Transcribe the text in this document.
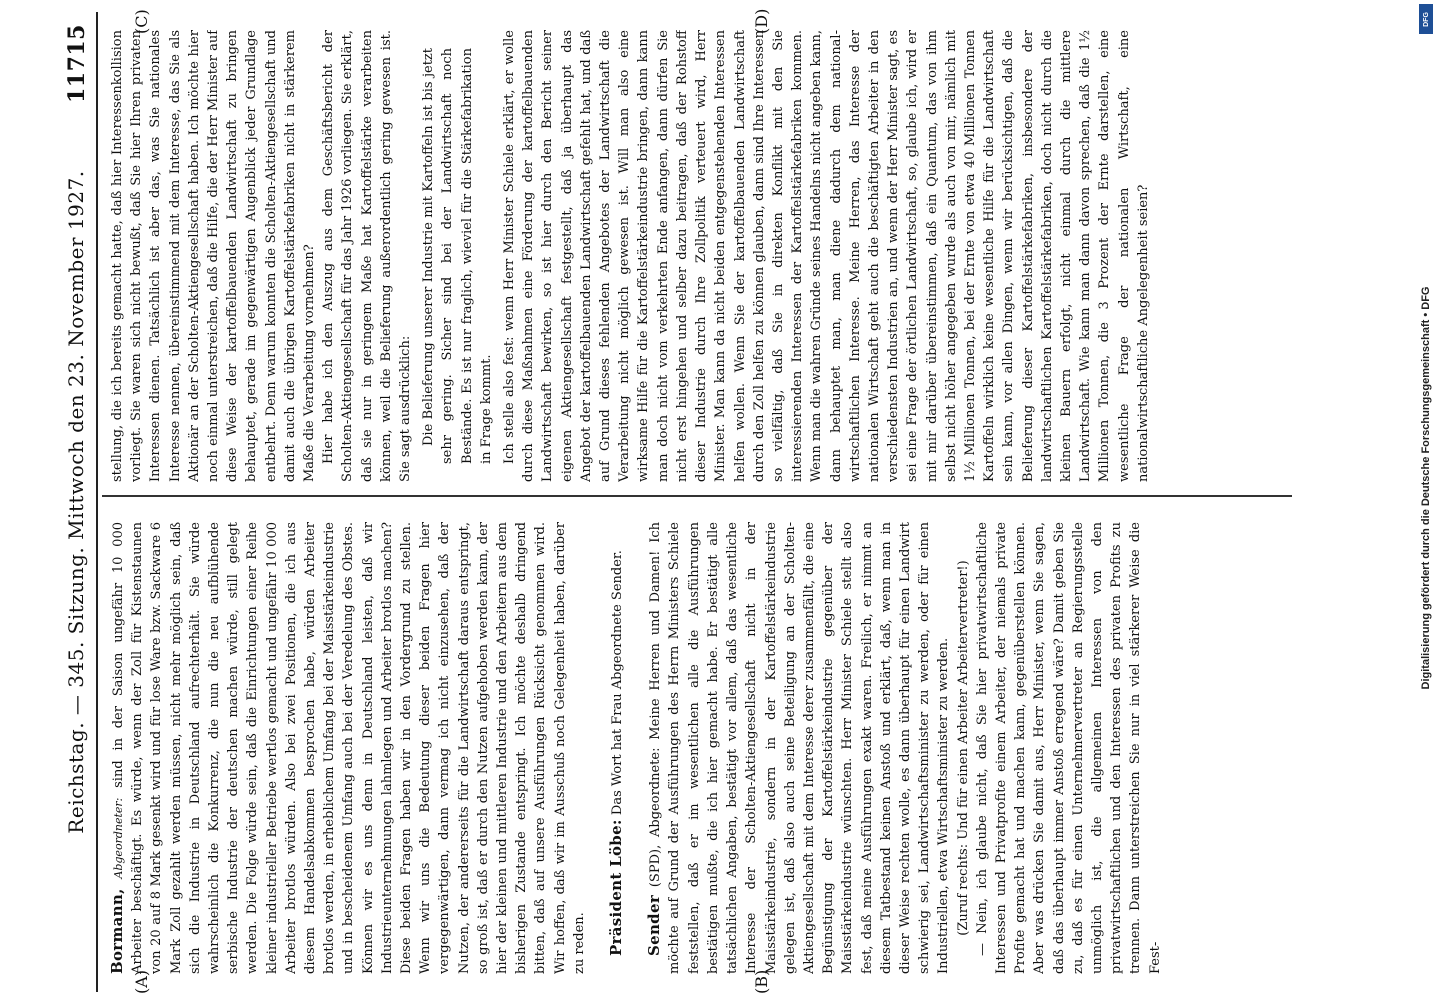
Reichstag. — 345. Sitzung. Mittwoch den 23. November 1927.
11715
(A)	(B)
(C)	(D)

Bormann, Abgeordneter: sind in der Saison ungefähr 10 000 Arbeiter beschäftigt. Es würde, wenn der Zoll für Kistenstaunen von 20 auf 8 Mark gesenkt wird und für lose Ware bzw. Sackware 6 Mark Zoll gezahlt werden müssen, nicht mehr möglich sein, daß sich die Industrie in Deutschland aufrechterhält. Sie würde wahrscheinlich die Konkurrenz, die nun die neu aufblühende serbische Industrie der deutschen machen würde, still gelegt werden. Die Folge würde sein, daß die Einrichtungen einer Reihe kleiner industrieller Betriebe wertlos gemacht und ungefähr 10 000 Arbeiter brotlos würden. Also bei zwei Positionen, die ich aus diesem Handelsabkommen besprochen habe, würden Arbeiter brotlos werden, in erheblichem Umfang bei der Maisstärkeindustrie und in bescheidenem Umfang auch bei der Veredelung des Obstes. Können wir es uns denn in Deutschland leisten, daß wir Industrieunternehmungen lahmlegen und Arbeiter brotlos machen? Diese beiden Fragen haben wir in den Vordergrund zu stellen. Wenn wir uns die Bedeutung dieser beiden Fragen hier vergegenwärtigen, dann vermag ich nicht einzusehen, daß der Nutzen, der andererseits für die Landwirtschaft daraus entspringt, so groß ist, daß er durch den Nutzen aufgehoben werden kann, der hier der kleinen und mittleren Industrie und den Arbeitern aus dem bisherigen Zustande entspringt. Ich möchte deshalb dringend bitten, daß auf unsere Ausführungen Rücksicht genommen wird. Wir hoffen, daß wir im Ausschuß noch Gelegenheit haben, darüber zu reden. Präsident Löbe: Das Wort hat Frau Abgeordnete Sender.

Sender (SPD), Abgeordnete: Meine Herren und Damen! Ich möchte auf Grund der Ausführungen des Herrn Ministers Schiele feststellen, daß er im wesentlichen alle die Ausführungen bestätigen mußte, die ich hier gemacht habe. Er bestätigt alle tatsächlichen Angaben, bestätigt vor allem, daß das wesentliche Interesse der Scholten-Aktiengesellschaft nicht in der Maisstärkeindustrie, sondern in der Kartoffelstärkeindustrie gelegen ist, daß also auch seine Beteiligung an der Scholten-Aktiengesellschaft mit dem Interesse derer zusammenfällt, die eine Begünstigung der Kartoffelstärkeindustrie gegenüber der Maisstärkeindustrie wünschten. Herr Minister Schiele stellt also fest, daß meine Ausführungen exakt waren. Freilich, er nimmt an diesem Tatbestand keinen Anstoß und erklärt, daß, wenn man in dieser Weise rechten wolle, es dann überhaupt für einen Landwirt schwierig sei, Landwirtschaftsminister zu werden, oder für einen Industriellen, etwa Wirtschaftsminister zu werden. (Zuruf rechts: Und für einen Arbeiter Arbeitervertreter!) — Nein, ich glaube nicht, daß Sie hier privatwirtschaftliche Interessen und Privatprofite einem Arbeiter, der niemals private Profite gemacht hat und machen kann, gegenüberstellen können. Aber was drücken Sie damit aus, Herr Minister, wenn Sie sagen, daß das überhaupt immer Anstoß erregend wäre? Damit geben Sie zu, daß es für einen Unternehmervertreter an Regierungsstelle unmöglich ist, die allgemeinen Interessen von den privatwirtschaftlichen und den Interessen des privaten Profits zu trennen. Dann unterstreichen Sie nur in viel stärkerer Weise die Fest-

stellung, die ich bereits gemacht hatte, daß hier Interessenkollision vorliegt. Sie waren sich nicht bewußt, daß Sie hier Ihren privaten Interessen dienen. Tatsächlich ist aber das, was Sie nationales Interesse nennen, übereinstimmend mit dem Interesse, das Sie als Aktionär an der Scholten-Aktiengesellschaft haben. Ich möchte hier noch einmal unterstreichen, daß die Hilfe, die der Herr Minister auf diese Weise der kartoffelbauenden Landwirtschaft zu bringen behauptet, gerade im gegenwärtigen Augenblick jeder Grundlage entbehrt. Denn warum konnten die Scholten-Aktiengesellschaft und damit auch die übrigen Kartoffelstärkefabriken nicht in stärkerem Maße die Verarbeitung vornehmen? Hier habe ich den Auszug aus dem Geschäftsbericht der Scholten-Aktiengesellschaft für das Jahr 1926 vorliegen. Sie erklärt, daß sie nur in geringem Maße hat Kartoffelstärke verarbeiten können, weil die Belieferung außerordentlich gering gewesen ist. Sie sagt ausdrücklich: Die Belieferung unserer Industrie mit Kartoffeln ist bis jetzt sehr gering. Sicher sind bei der Landwirtschaft noch Bestände. Es ist nur fraglich, wieviel für die Stärkefabrikation in Frage kommt. Ich stelle also fest: wenn Herr Minister Schiele erklärt, er wolle durch diese Maßnahmen eine Förderung der kartoffelbauenden Landwirtschaft bewirken, so ist hier durch den Bericht seiner eigenen Aktiengesellschaft festgestellt, daß ja überhaupt das Angebot der kartoffelbauenden Landwirtschaft gefehlt hat, und daß auf Grund dieses fehlenden Angebotes der Landwirtschaft die Verarbeitung nicht möglich gewesen ist. Will man also eine wirksame Hilfe für die Kartoffelstärkeindustrie bringen, dann kann man doch nicht vom verkehrten Ende anfangen, dann dürfen Sie nicht erst hingehen und selber dazu beitragen, daß der Rohstoff dieser Industrie durch Ihre Zollpolitik verteuert wird, Herr Minister. Man kann da nicht beiden entgegenstehenden Interessen helfen wollen. Wenn Sie der kartoffelbauenden Landwirtschaft durch den Zoll helfen zu können glauben, dann sind Ihre Interessen so vielfältig, daß Sie in direkten Konflikt mit den Sie interessierenden Interessen der Kartoffelstärkefabriken kommen. Wenn man die wahren Gründe seines Handelns nicht angeben kann, dann behauptet man, man diene dadurch dem national-wirtschaftlichen Interesse. Meine Herren, das Interesse der nationalen Wirtschaft geht auch die beschäftigten Arbeiter in den verschiedensten Industrien an, und wenn der Herr Minister sagt, es sei eine Frage der örtlichen Landwirtschaft, so, glaube ich, wird er mit mir darüber übereinstimmen, daß ein Quantum, das von ihm selbst nicht höher angegeben wurde als auch von mir, nämlich mit 1½ Millionen Tonnen, bei der Ernte von etwa 40 Millionen Tonnen Kartoffeln wirklich keine wesentliche Hilfe für die Landwirtschaft sein kann, vor allen Dingen, wenn wir berücksichtigen, daß die Belieferung dieser Kartoffelstärkefabriken, insbesondere der landwirtschaftlichen Kartoffelstärkefabriken, doch nicht durch die kleinen Bauern erfolgt, nicht einmal durch die mittlere Landwirtschaft. Wie kann man dann davon sprechen, daß die 1½ Millionen Tonnen, die 3 Prozent der Ernte darstellen, eine wesentliche Frage der nationalen Wirtschaft, eine nationalwirtschaftliche Angelegenheit seien?

DFG
Digitalisierung gefördert durch die Deutsche Forschungsgemeinschaft • DFG
